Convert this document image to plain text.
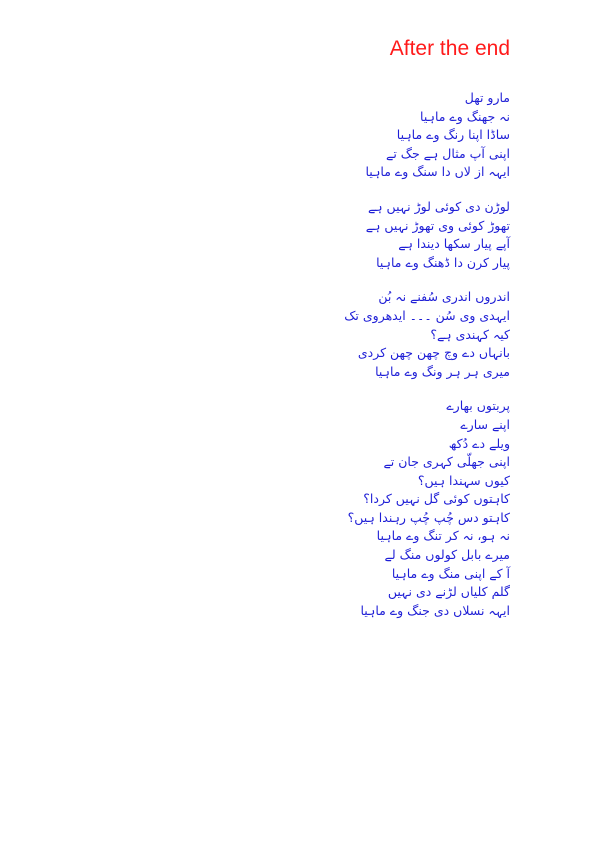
After the end
مارو تھل
نہ جھنگ وے ماہیا
ساڈا اپنا رنگ وے ماہیا
اپنی آپ مثال ہے جگ تے
ایہہ از لاں دا سنگ وے ماہیا
لوڑن دی کوئی لوڑ نہیں ہے
تھوڑ کوئی وی تھوڑ نہیں ہے
آپے پیار سکھا دیندا ہے
پیار کرن دا ڈھنگ وے ماہیا
اندروں اندری سُفنے نہ بُن
ایہدی وی سُن ۔۔۔ ایدھروی تک
کیہ کہندی ہے؟
بانہاں دے وچ چھن چھن کردی
میری ہر ہر ونگ وے ماہیا
پربتوں بھارے
اپنے سارے
ویلے دے دُکھ
اپنی جھلّی کہری جان تے
کیوں سہندا ہیں؟
کاہتوں کوئی گل نہیں کردا؟
کاہتو دس چُپ چُپ رہندا ہیں؟
نہ ہو، نہ کر تنگ وے ماہیا
میرے بابل کولوں منگ لے
آ کے اپنی منگ وے ماہیا
گلم کلیاں لڑنے دی نہیں
ایہہ نسلاں دی جنگ وے ماہیا
